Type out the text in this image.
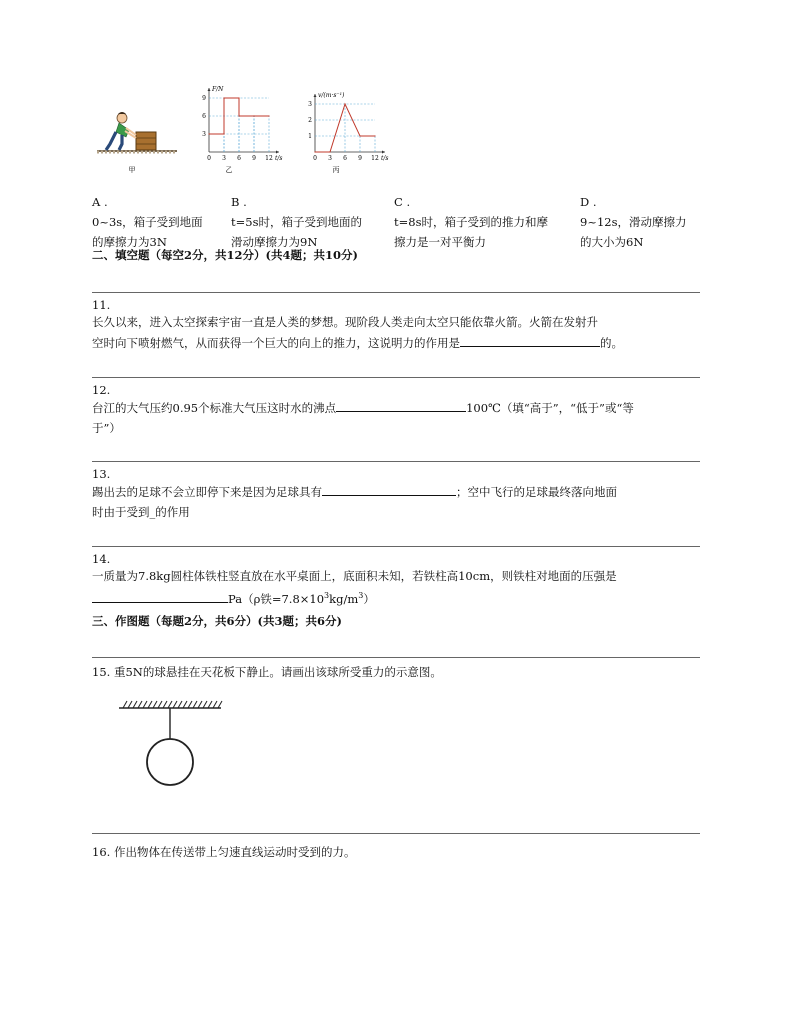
甲
F/N
t/s
0 3 6 9 12
9
6
3
乙
v/(m·s⁻¹)
t/s
0 3 6 9 12
3
2
1
丙
A .
0~3s，箱子受到地面
的摩擦力为3N
B .
t=5s时，箱子受到地面的
滑动摩擦力为9N
C .
t=8s时，箱子受到的推力和摩
擦力是一对平衡力
D .
9~12s，滑动摩擦力
的大小为6N
二、填空题（每空2分，共12分）(共4题；共10分)
11.
长久以来，进入太空探索宇宙一直是人类的梦想。现阶段人类走向太空只能依靠火箭。火箭在发射升
空时向下喷射燃气，从而获得一个巨大的向上的推力，这说明力的作用是	的。
12.
台江的大气压约0.95个标准大气压这时水的沸点	100℃（填“高于”，“低于”或“等
于”）
13.
踢出去的足球不会立即停下来是因为足球具有	；空中飞行的足球最终落向地面
时由于受到_的作用
14.
一质量为7.8kg圆柱体铁柱竖直放在水平桌面上，底面积未知，若铁柱高10cm，则铁柱对地面的压强是
Pa（ρ铁$=7.8\times 10^3kg/m^3$）
三、作图题（每题2分，共6分）(共3题；共6分)
15. 重5N的球悬挂在天花板下静止。请画出该球所受重力的示意图。
16. 作出物体在传送带上匀速直线运动时受到的力。
